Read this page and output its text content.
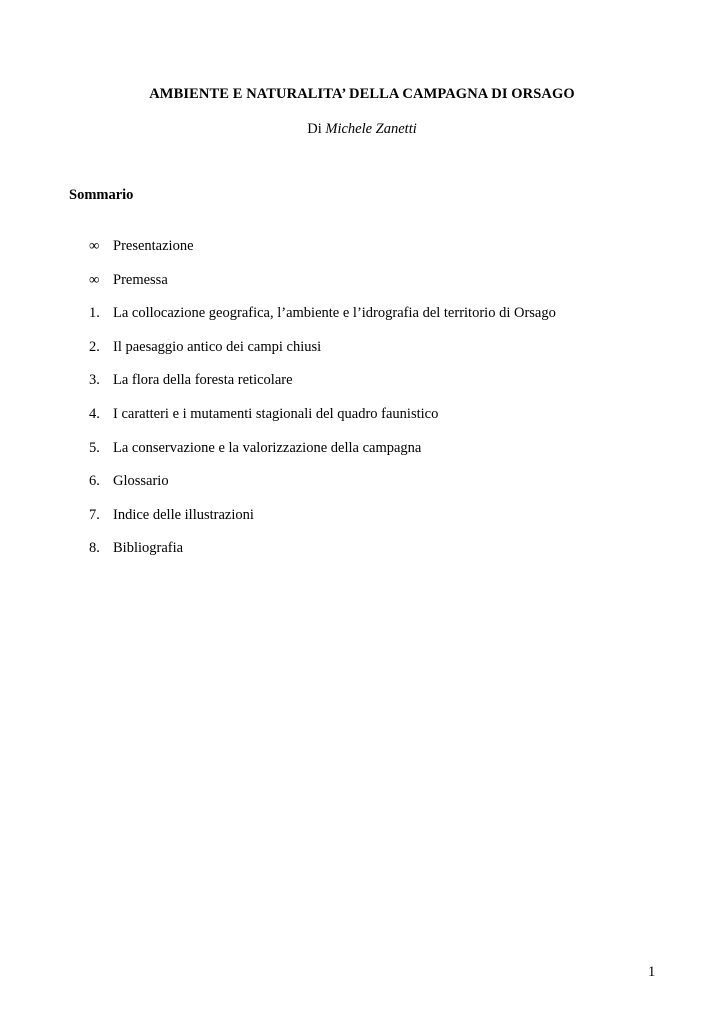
AMBIENTE E NATURALITA’ DELLA CAMPAGNA DI ORSAGO
Di Michele Zanetti
Sommario
∞ Presentazione
∞ Premessa
1. La collocazione geografica, l’ambiente e l’idrografia del territorio di Orsago
2. Il paesaggio antico dei campi chiusi
3. La flora della foresta reticolare
4. I caratteri e i mutamenti stagionali del quadro faunistico
5. La conservazione e la valorizzazione della campagna
6. Glossario
7. Indice delle illustrazioni
8. Bibliografia
1
